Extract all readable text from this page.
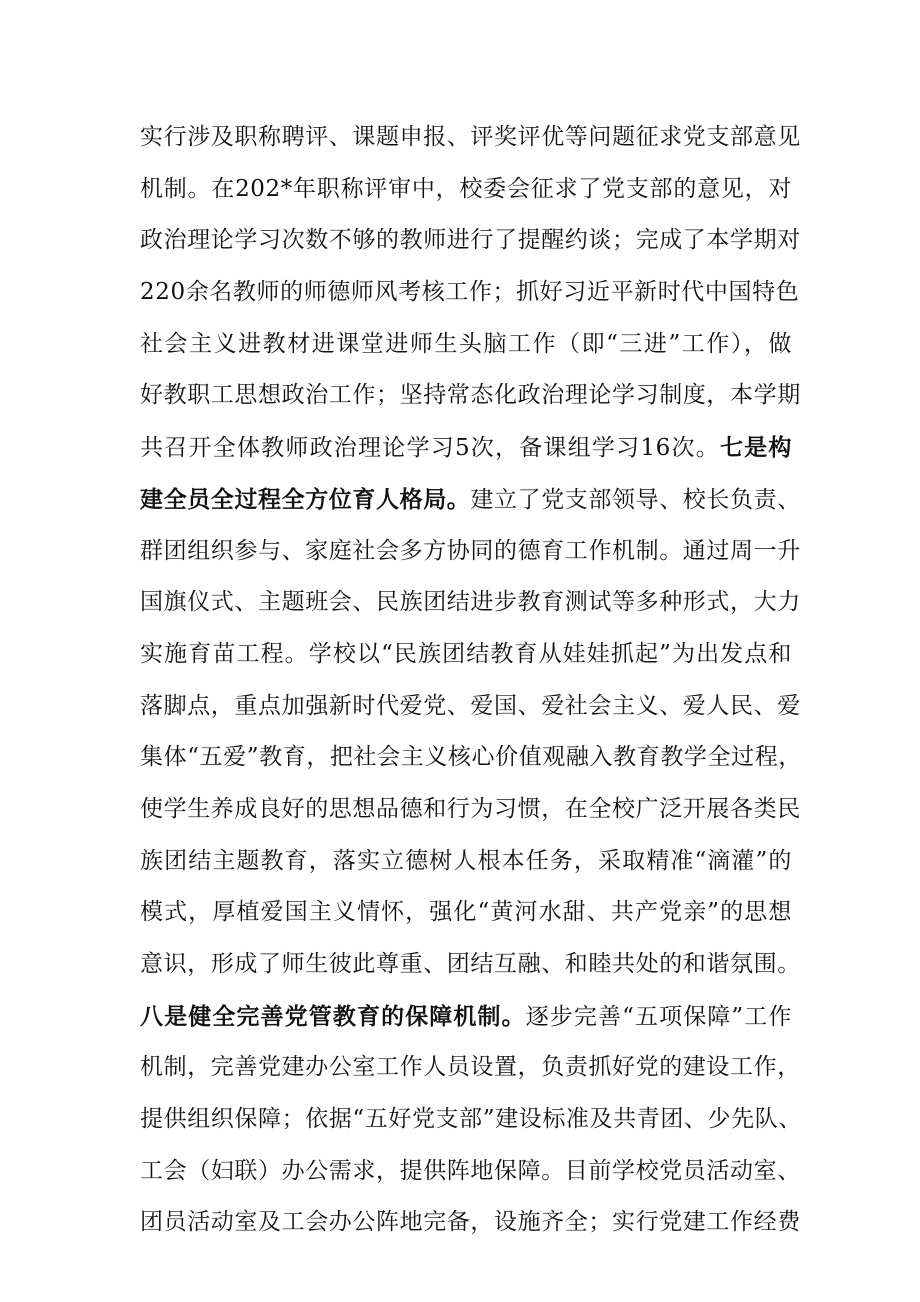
实行涉及职称聘评、课题申报、评奖评优等问题征求党支部意见
机制。在202*年职称评审中，校委会征求了党支部的意见，对
政治理论学习次数不够的教师进行了提醒约谈；完成了本学期对
220余名教师的师德师风考核工作；抓好习近平新时代中国特色
社会主义进教材进课堂进师生头脑工作（即“三进”工作），做
好教职工思想政治工作；坚持常态化政治理论学习制度，本学期
共召开全体教师政治理论学习5次，备课组学习16次。七是构
建全员全过程全方位育人格局。建立了党支部领导、校长负责、
群团组织参与、家庭社会多方协同的德育工作机制。通过周一升
国旗仪式、主题班会、民族团结进步教育测试等多种形式，大力
实施育苗工程。学校以“民族团结教育从娃娃抓起”为出发点和
落脚点，重点加强新时代爱党、爱国、爱社会主义、爱人民、爱
集体“五爱”教育，把社会主义核心价值观融入教育教学全过程，
使学生养成良好的思想品德和行为习惯，在全校广泛开展各类民
族团结主题教育，落实立德树人根本任务，采取精准“滴灌”的
模式，厚植爱国主义情怀，强化“黄河水甜、共产党亲”的思想
意识，形成了师生彼此尊重、团结互融、和睦共处的和谐氛围。
八是健全完善党管教育的保障机制。逐步完善“五项保障”工作
机制，完善党建办公室工作人员设置，负责抓好党的建设工作，
提供组织保障；依据“五好党支部”建设标准及共青团、少先队、
工会（妇联）办公需求，提供阵地保障。目前学校党员活动室、
团员活动室及工会办公阵地完备，设施齐全；实行党建工作经费
